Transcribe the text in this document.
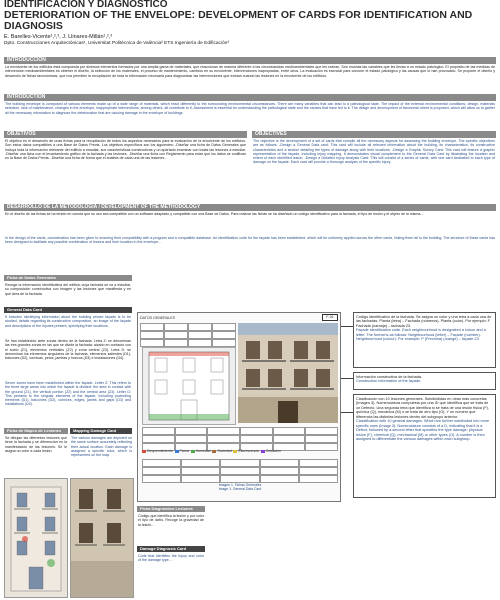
IDENTIFICACIÓN Y DIAGNÓSTICO
DETERIORATION OF THE ENVELOPE: DEVELOPMENT OF CARDS FOR IDENTIFICATION AND DIAGNOSIS
E. Barelles-Vicente¹,²,³, J. Llinares-Millán¹,²,³
Dpto. Construcciones Arquitectónicas¹, Universitat Politècnica de València² ETS Ingeniería de Edificación³
INTRODUCCIÓN
La envolvente de los edificios está compuesta por diversos elementos formados por una amplia gama de materiales, que reaccionan de manera diferente a las circunstancias medioambientales que les rodean. Son muchas las variables que les llevan a un estado patológico. El propósito de las medidas de intervención medioambientales es obtener el diseño, la selección de los materiales, el proceso de mantenimiento, cambios en su envolvente, intervenciones inapropiadas, entre otros. La evaluación es esencial para conocer el estado patológico y las causas que lo han provocado. Se propone el diseño y desarrollo de fichas taxonómicas, que nos permiten la recopilación de toda la información necesaria para diagnosticar las intervenciones que existan cuando las lesiones en la envolvente de los edificios.
INTRODUCTION
The building envelope is composed of various elements made up of a wide range of materials, which react differently to the surrounding environmental circumstances. There are many variables that can lead to a pathological state. The impact of the external environmental conditions, design, materials selection, lack of maintenance, changes in the envelope, inappropriate interventions, among others, all contribute to it. Assessment is essential for understanding the pathological state and the causes that have led to it. The design and development of taxonomic sheet is proposed, which will allow us to gather all the necessary information to diagnose the deterioration that are causing damage in the envelope of buildings.
OBJETIVOS
El objetivo es el desarrollo de unas fichas para la recopilación de todos los aspectos necesarios para la evaluación de la envolvente de los edificios. Son estos datos compatibles a una Base de Datos Previa. Los objetivos específicos son los siguientes: -Diseñar una ficha de Datos Generales que incluya toda la información relevante del edificio a estudiar, sus características constructivas y un apartado examinar con todas las lesiones a estudiar. -Diseñar una ficha con el levantamiento gráfico de la fachada y las lesiones. -Diseñar una ficha con Reglamento para estar que los datos se codifican en la Base de Datos Previa. -Diseñar una ficha de forma que el análisis de cada una de las lesiones...
OBJECTIVES
The objective is the development of a set of cards that compile all the necessary aspects for assessing the building envelope. The specific objectives are as follows: -Design a General Data card: This card will include all relevant information about the building, its characteristics, its constructive characteristics and a section detailing the types of damage along with their locations. -Design a Graphic Survey Card: This card will feature a graphic representation of the façade, including injury mapping. It demonstrates visual complement to the General Data Card by illustrating the location and extent of each identified lesion. -Design a Detailed Injury Analysis Card: This will consist of a series of cards, with one card dedicated to each type of damage on the façade. Each card will provide a thorough analysis of the specific injury.
DESARROLLO DE LA METODOLOGÍA / DEVELOPMENT OF THE METHODOLOGY
En el diseño de las fichas se ha tenido en cuenta que su uso sea compatible con un software adaptado y compatible con una Base de Datos. Para realizar las fichas se ha diseñado un código identificativo para la fachada, el tipo de lesión y el objeto de la misma...
In the design of the cards, consideration has been given to ensuring their compatibility with a program and a compatible database. An identification code for the façade has been established, which will be uniformly applied across the other cards, linking them all to the building. The structure of these cards has been designed to facilitate any possible combination of lesions and their location in the envelope...
Ficha de Datos Generales
Recoge la información identificativa del edificio cuya fachada se va a estudiar, su composición constructiva con imagen y las lesiones que manifiesta y en qué área de la fachada.
General Data Card
It includes identifying information about the building whose façade is to be studied, details regarding its constructive composition, an image of the façade and descriptions of the injuries present, specifying their locations.
Se han establecido siete zonas dentro de la fachada: Letra Z: se denominan las tres grandes zonas en las que se divide la fachada: alzado en contacto con el suelo (Z1), elementos verticales (Z2) y zona central (Z3). Letra D: se denominan los elementos singulares de la fachada, elementos salientes (D1), balcones (D2), cornisas, petos, jambas y huecos (D3) e instalaciones (D4).
Seven zones have been established within the façade. Letter Z: This refers to the three large areas into which the façade is divided: the area in contact with the ground (Z1), the vertical portion (Z2) and the central area (Z3). Letter D: This pertains to the singular elements of the façade, including protruding elements (D1), balconies (D2), cornices, edges, jambs and gaps (D3) and installations (D4).
Ficha de Mapeo de Lesiones	Mapping Damage Card
Se dibujan las diferentes lesiones que tiene la fachada y se diferencian en la manifestación de las lesiones. Se le asigna un color a cada lesión.
The various damages are depicted on the same surface accurately reflecting their actual location. Each damage is assigned a specific color, which is represented on the map.
Ficha Diagnóstico Lesiones
Código que identifica la lesión y por color el tipo de daño. Recoge la gravedad de la lesión...
Damage Diagnosis Card
Code that identifies the injury and color of the damage type...
DATOS GENERALES	F-01
Desprendimiento Fisura Humedad Suciedad Eflorescencia Oxidación
Imagen 1. Fichas Generales
Image 1. General Data Card
Código identificativo de la fachada. Se asigna un color y una letra a cada una de las fachadas. Planta (letra) – Fachada (números). Planta (color). Por ejemplo: F Fachada (naranja) – fachada 23.
Façade identification code. Each neighbourhood is designated a colour and a letter. The format is as follows: Neighbourhood (letter) – Façade (number). Neighbourhood (colour). For example: P (Prechina) (orange) – façade 23.
Información constructiva de la fachada.
Construction information of the façade.
Clasificación con 10 lesiones generales. Subdivididas en otras más concretas (Imagen 3). Nomenclatura compuesta por una ID que identifica que se trata de un Defecto. Una segunda letra que identifica si se trata de una lesión física (F), química (Q), mecánica (M) o se trata de otro tipo (O). Y un número que diferencia las distintas lesiones dentro del subgrupo anterior.
Classification with 10 general damages. Which are further subdivided into more specific ones (Image 3). Nomenclature consists of a D, indicating that it is a Defect, followed by a second letter that specifies the type damage: physical lesion (F), chemical (Q), mechanical (M) or other types (O). A number is then assigned to differentiate the various damages within each subgroup.
